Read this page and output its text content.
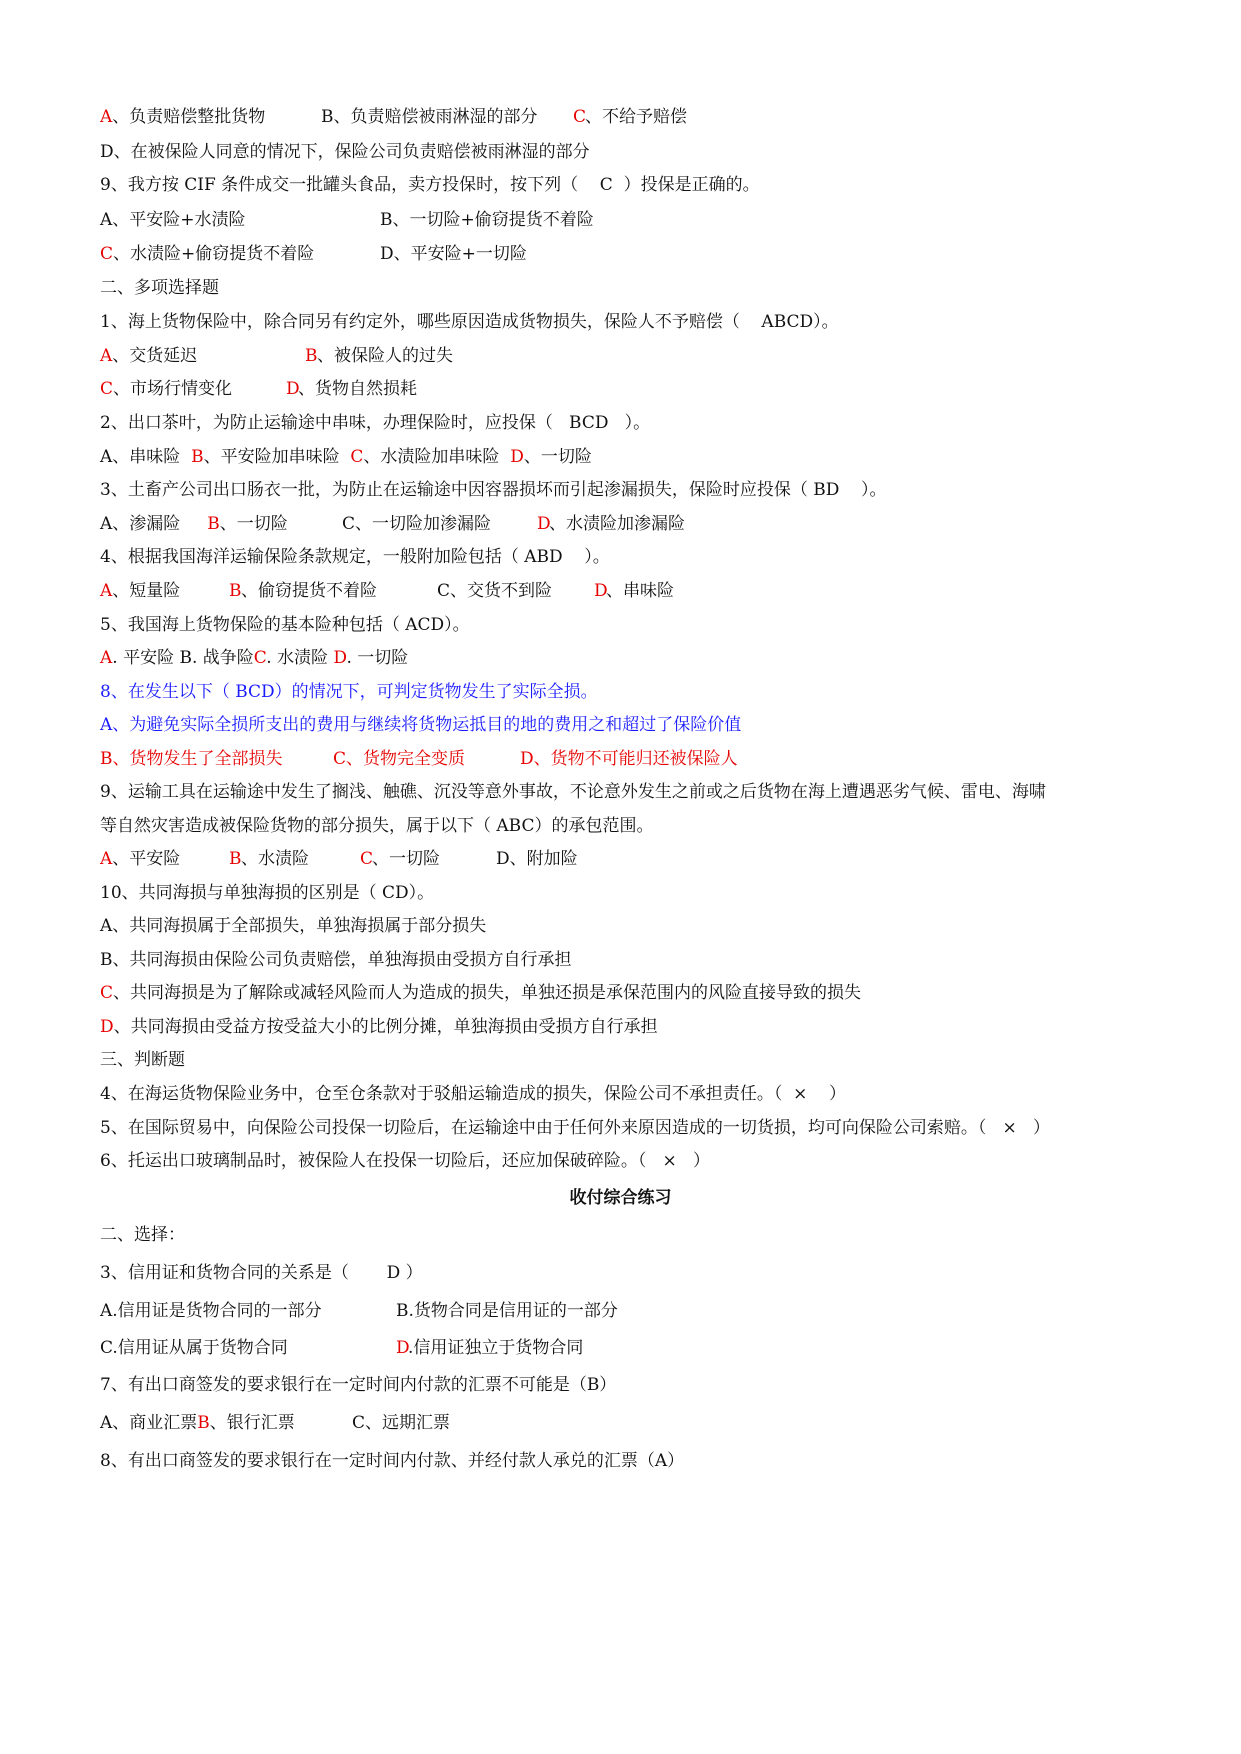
A、负责赔偿整批货物	B、负责赔偿被雨淋湿的部分 C
、不给予赔偿
D、在被保险人同意的情况下，保险公司负责赔偿被雨淋湿的部分
9、我方按 CIF 条件成交一批罐头食品，卖方投保时，按下列（    C  ）投保是正确的。
A、平安险+水渍险	B、一切险+偷窃提货不着险
C、水渍险+偷窃提货不着险	D、平安险+一切险
二、多项选择题
1、海上货物保险中，除合同另有约定外，哪些原因造成货物损失，保险人不予赔偿（    ABCD）。
A、交货延迟	B 、被保险人的过失
C、市场行情变化	D
、货物自然损耗
2、出口茶叶，为防止运输途中串味，办理保险时，应投保（   BCD   ）。
A、串味险  B、平安险加串味险  C、水渍险加串味险  D、一切险
3、土畜产公司出口肠衣一批，为防止在运输途中因容器损坏而引起渗漏损失，保险时应投保（ BD    ）。
A、渗漏险     B、一切险	C、一切险加渗漏险	D
、水渍险加渗漏险
4、根据我国海洋运输保险条款规定，一般附加险包括（ ABD    ）。
A、短量险	B 、偷窃提货不着险	C、交货不到险 D
、串味险
5、我国海上货物保险的基本险种包括（ ACD）。
A. 平安险 B. 战争险C. 水渍险 D. 一切险
8、在发生以下（ BCD）的情况下，可判定货物发生了实际全损。
A、为避免实际全损所支出的费用与继续将货物运抵目的地的费用之和超过了保险价值
B、货物发生了全部损失	C、货物完全变质	D、货物不可能归还被保险人
9、运输工具在运输途中发生了搁浅、触礁、沉没等意外事故，不论意外发生之前或之后货物在海上遭遇恶劣气候、雷电、海啸
等自然灾害造成被保险货物的部分损失，属于以下（ ABC）的承包范围。
A、平安险	B 、水渍险	C
、一切险	D、附加险
10、共同海损与单独海损的区别是（ CD）。
A、共同海损属于全部损失，单独海损属于部分损失
B、共同海损由保险公司负责赔偿，单独海损由受损方自行承担
C、共同海损是为了解除或减轻风险而人为造成的损失，单独还损是承保范围内的风险直接导致的损失
D、共同海损由受益方按受益大小的比例分摊，单独海损由受损方自行承担
三、判断题
4、在海运货物保险业务中，仓至仓条款对于驳船运输造成的损失，保险公司不承担责任。（  ×    ）
5、在国际贸易中，向保险公司投保一切险后，在运输途中由于任何外来原因造成的一切货损，均可向保险公司索赔。（   ×   ）
6、托运出口玻璃制品时，被保险人在投保一切险后，还应加保破碎险。（   ×   ）
收付综合练习
二、选择：
3、信用证和货物合同的关系是（       D ）
A.信用证是货物合同的一部分	B.货物合同是信用证的一部分
C.信用证从属于货物合同	D
.信用证独立于货物合同
7、有出口商签发的要求银行在一定时间内付款的汇票不可能是（B）
A、商业汇票B、银行汇票	C、远期汇票
8、有出口商签发的要求银行在一定时间内付款、并经付款人承兑的汇票（A）
